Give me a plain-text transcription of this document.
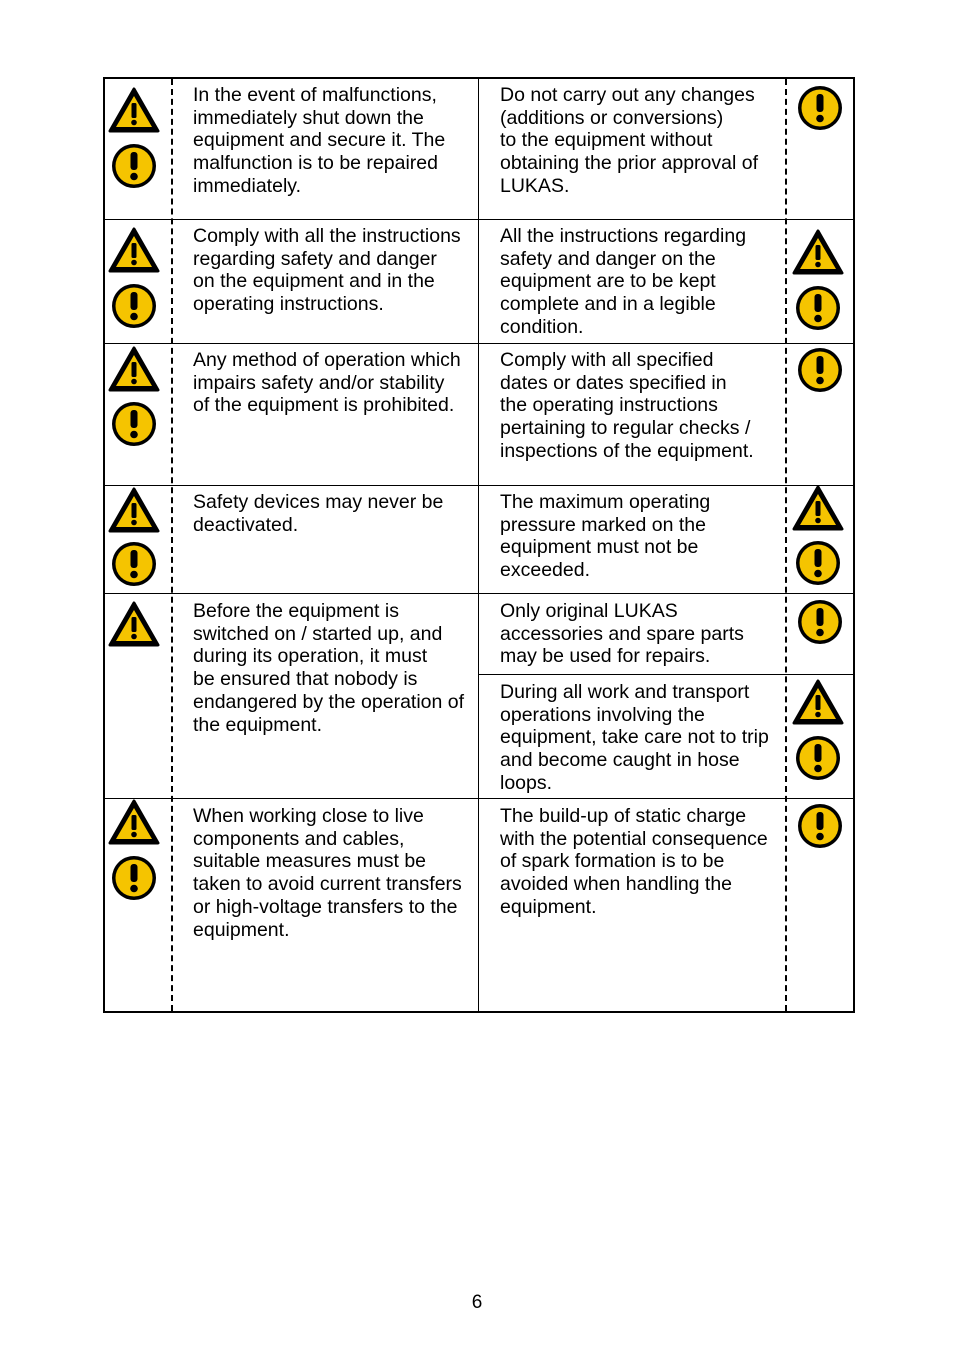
In the event of malfunctions,
immediately shut down the
equipment and secure it. The
malfunction is to be repaired
immediately.
Do not carry out any changes
(additions or conversions)
to the equipment without
obtaining the prior approval of
LUKAS.
Comply with all the instructions
regarding safety and danger
on the equipment and in the
operating instructions.
All the instructions regarding
safety and danger on the
equipment are to be kept
complete and in a legible
condition.
Any method of operation which
impairs safety and/or stability
of the equipment is prohibited.
Comply with all specified
dates or dates specified in
the operating instructions
pertaining to regular checks /
inspections of the equipment.
Safety devices may never be
deactivated.
The maximum operating
pressure marked on the
equipment must not be
exceeded.
Before the equipment is
switched on / started up, and
during its operation, it must
be ensured that nobody is
endangered by the operation of
the equipment.
Only original LUKAS
accessories and spare parts
may be used for repairs.
During all work and transport
operations involving the
equipment, take care not to trip
and become caught in hose
loops.
When working close to live
components and cables,
suitable measures must be
taken to avoid current transfers
or high-voltage transfers to the
equipment.
The build-up of static charge
with the potential consequence
of spark formation is to be
avoided when handling the
equipment.
6
